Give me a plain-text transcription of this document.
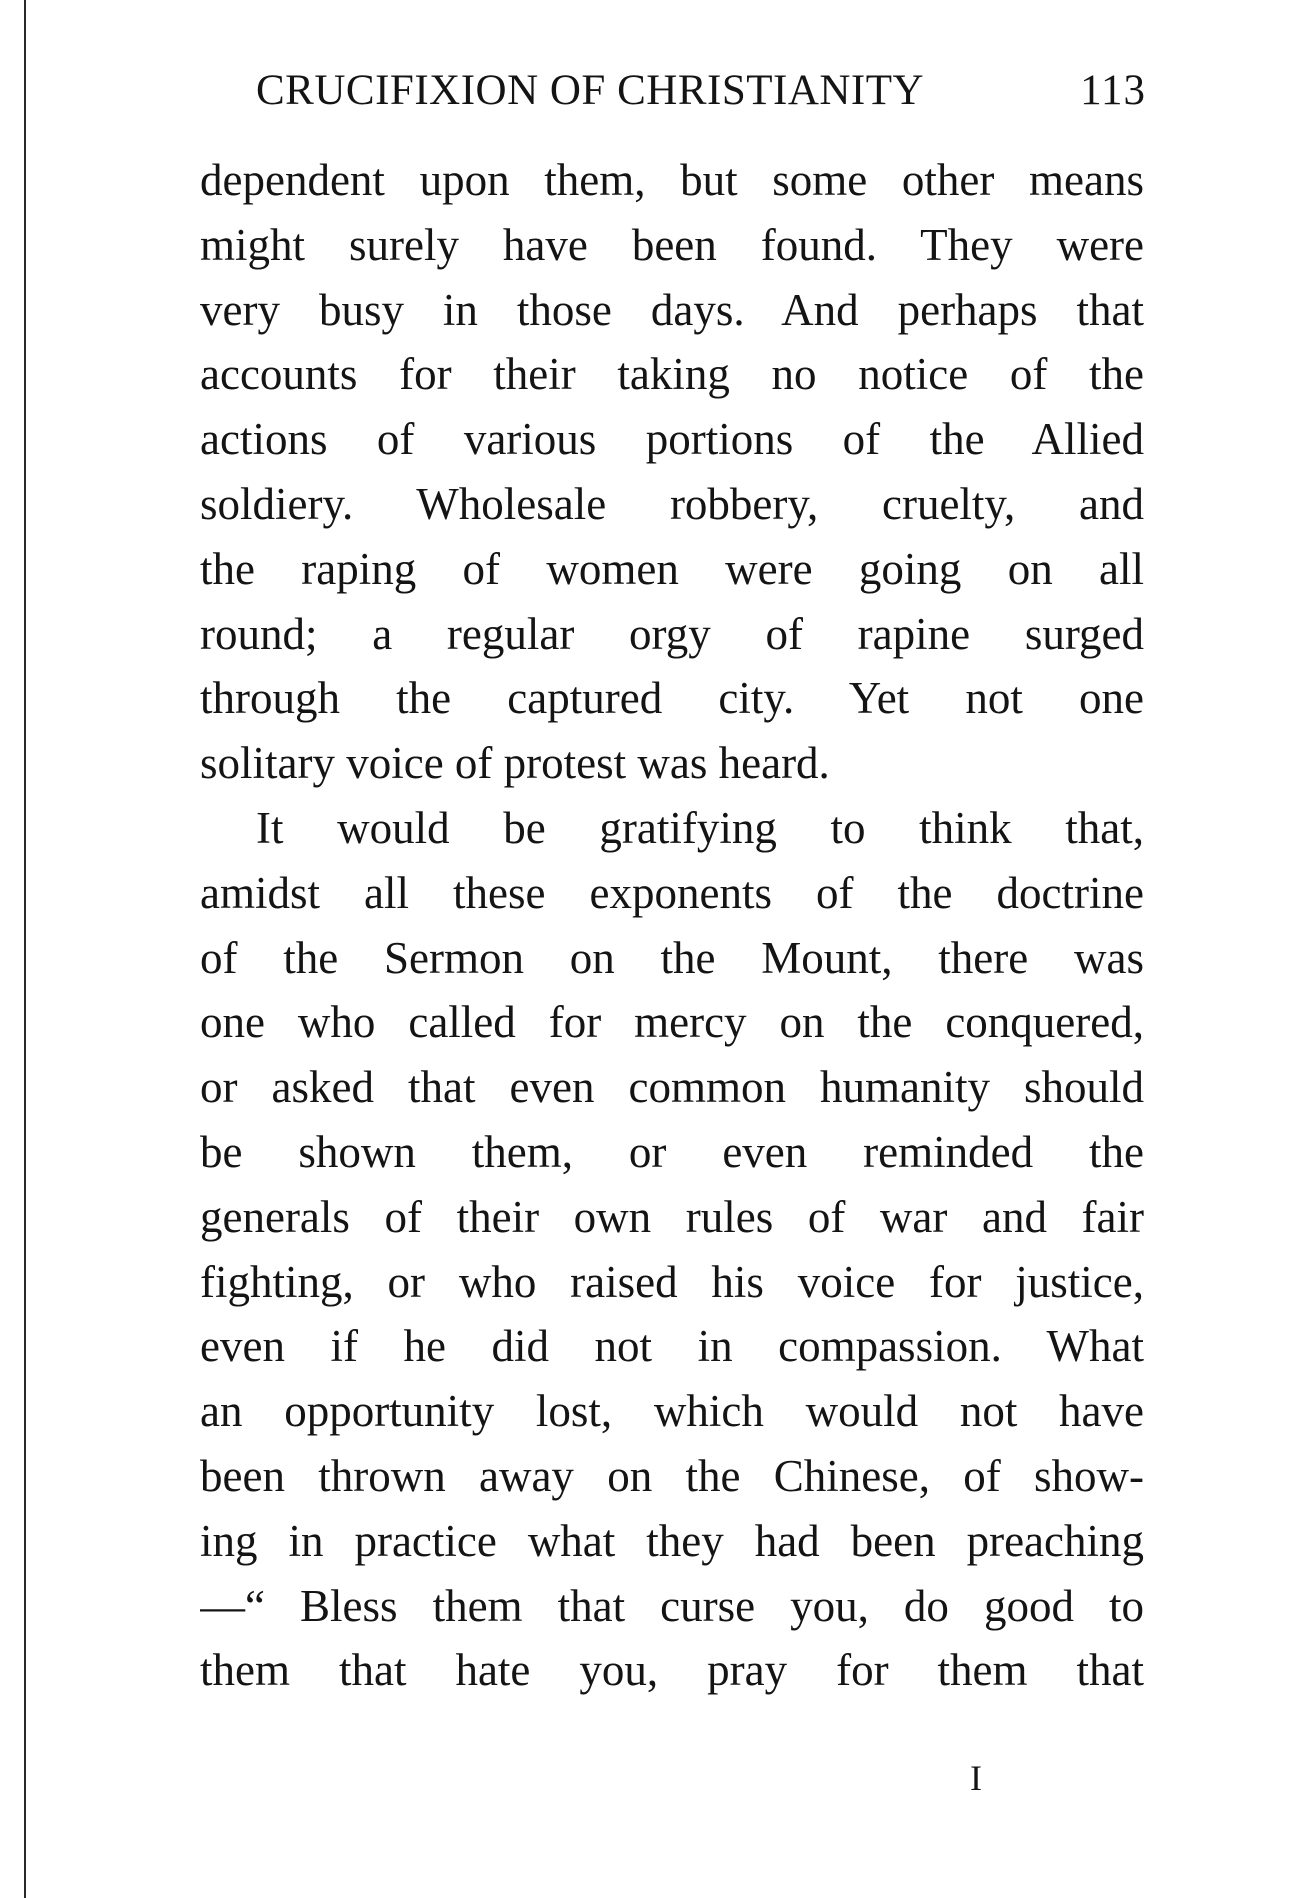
CRUCIFIXION OF CHRISTIANITY	113
dependent upon them, but some other means
might surely have been found. They were
very busy in those days. And perhaps that
accounts for their taking no notice of the
actions of various portions of the Allied
soldiery. Wholesale robbery, cruelty, and
the raping of women were going on all
round; a regular orgy of rapine surged
through the captured city. Yet not one
solitary voice of protest was heard.
It would be gratifying to think that,
amidst all these exponents of the doctrine
of the Sermon on the Mount, there was
one who called for mercy on the conquered,
or asked that even common humanity should
be shown them, or even reminded the
generals of their own rules of war and fair
fighting, or who raised his voice for justice,
even if he did not in compassion. What
an opportunity lost, which would not have
been thrown away on the Chinese, of show-
ing in practice what they had been preaching
—“ Bless them that curse you, do good to
them that hate you, pray for them that
I
